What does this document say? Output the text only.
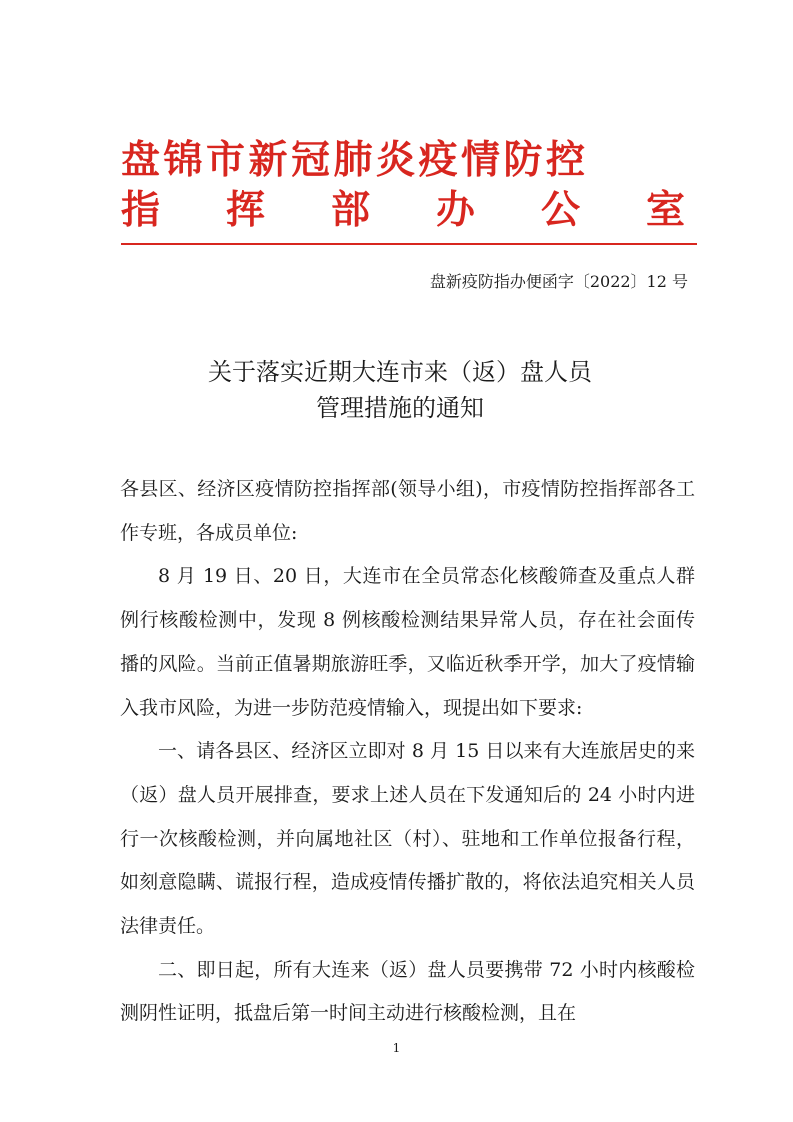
盘锦市新冠肺炎疫情防控
指挥部办公室
盘新疫防指办便函字〔2022〕12 号
关于落实近期大连市来（返）盘人员
管理措施的通知

各县区、经济区疫情防控指挥部(领导小组)，市疫情防控指挥部各工作专班，各成员单位:

8 月 19 日、20 日，大连市在全员常态化核酸筛查及重点人群例行核酸检测中，发现 8 例核酸检测结果异常人员，存在社会面传播的风险。当前正值暑期旅游旺季，又临近秋季开学，加大了疫情输入我市风险，为进一步防范疫情输入，现提出如下要求:

一、请各县区、经济区立即对 8 月 15 日以来有大连旅居史的来（返）盘人员开展排查，要求上述人员在下发通知后的 24 小时内进行一次核酸检测，并向属地社区（村）、驻地和工作单位报备行程，如刻意隐瞒、谎报行程，造成疫情传播扩散的，将依法追究相关人员法律责任。

二、即日起，所有大连来（返）盘人员要携带 72 小时内核酸检测阴性证明，抵盘后第一时间主动进行核酸检测，且在

1
